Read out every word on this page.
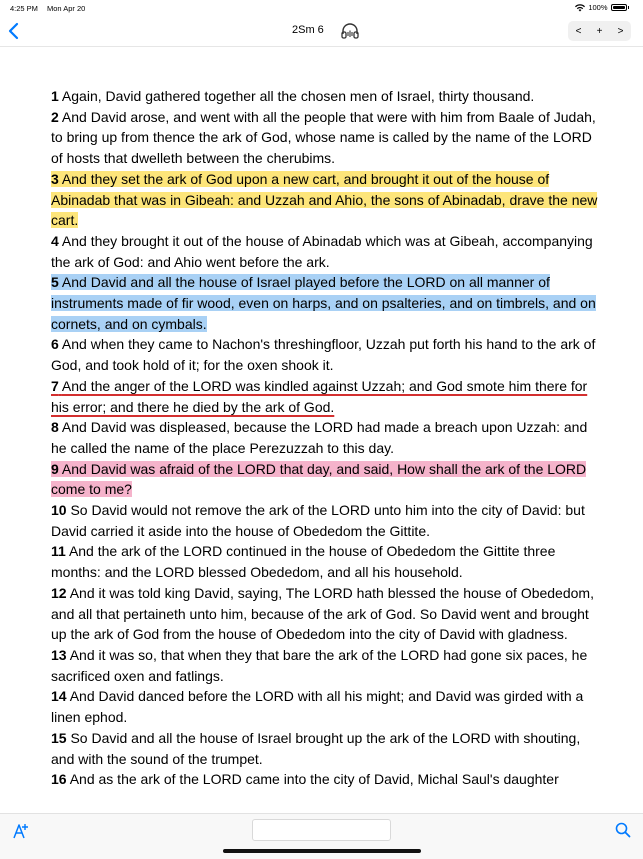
4:25 PM Mon Apr 20	100%
2Sm 6	<	+	>
1 Again, David gathered together all the chosen men of Israel, thirty thousand.
2 And David arose, and went with all the people that were with him from Baale of Judah, to bring up from thence the ark of God, whose name is called by the name of the LORD of hosts that dwelleth between the cherubims.
3 And they set the ark of God upon a new cart, and brought it out of the house of Abinadab that was in Gibeah: and Uzzah and Ahio, the sons of Abinadab, drave the new cart.
4 And they brought it out of the house of Abinadab which was at Gibeah, accompanying the ark of God: and Ahio went before the ark.
5 And David and all the house of Israel played before the LORD on all manner of instruments made of fir wood, even on harps, and on psalteries, and on timbrels, and on cornets, and on cymbals.
6 And when they came to Nachon's threshingfloor, Uzzah put forth his hand to the ark of God, and took hold of it; for the oxen shook it.
7 And the anger of the LORD was kindled against Uzzah; and God smote him there for his error; and there he died by the ark of God.
8 And David was displeased, because the LORD had made a breach upon Uzzah: and he called the name of the place Perezuzzah to this day.
9 And David was afraid of the LORD that day, and said, How shall the ark of the LORD come to me?
10 So David would not remove the ark of the LORD unto him into the city of David: but David carried it aside into the house of Obededom the Gittite.
11 And the ark of the LORD continued in the house of Obededom the Gittite three months: and the LORD blessed Obededom, and all his household.
12 And it was told king David, saying, The LORD hath blessed the house of Obededom, and all that pertaineth unto him, because of the ark of God. So David went and brought up the ark of God from the house of Obededom into the city of David with gladness.
13 And it was so, that when they that bare the ark of the LORD had gone six paces, he sacrificed oxen and fatlings.
14 And David danced before the LORD with all his might; and David was girded with a linen ephod.
15 So David and all the house of Israel brought up the ark of the LORD with shouting, and with the sound of the trumpet.
16 And as the ark of the LORD came into the city of David, Michal Saul's daughter
